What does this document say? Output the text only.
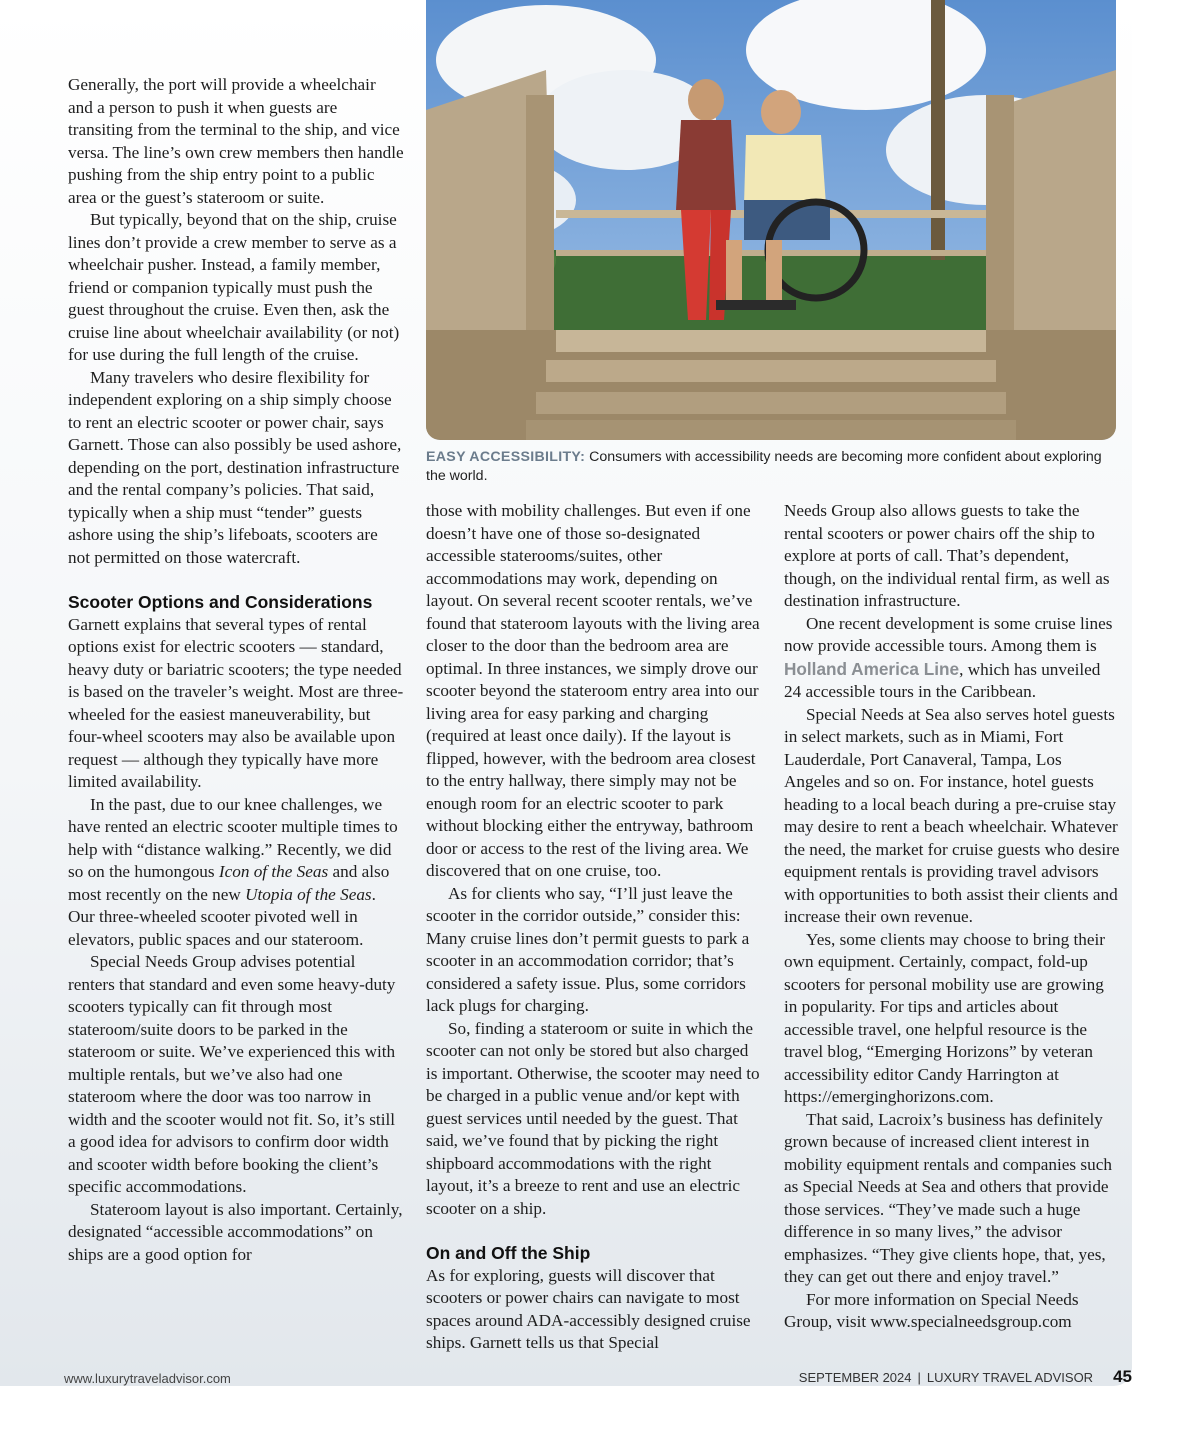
EASY ACCESSIBILITY: Consumers with accessibility needs are becoming more confident about exploring the world.

Generally, the port will provide a wheelchair and a person to push it when guests are transiting from the terminal to the ship, and vice versa. The line’s own crew members then handle pushing from the ship entry point to a public area or the guest’s stateroom or suite.

But typically, beyond that on the ship, cruise lines don’t provide a crew member to serve as a wheelchair pusher. Instead, a family member, friend or companion typically must push the guest throughout the cruise. Even then, ask the cruise line about wheelchair availability (or not) for use during the full length of the cruise.

Many travelers who desire flexibility for independent exploring on a ship simply choose to rent an electric scooter or power chair, says Garnett. Those can also possibly be used ashore, depending on the port, destination infrastructure and the rental company’s policies. That said, typically when a ship must “tender” guests ashore using the ship’s lifeboats, scooters are not permitted on those watercraft.

Scooter Options and Considerations

Garnett explains that several types of rental options exist for electric scooters — standard, heavy duty or bariatric scooters; the type needed is based on the traveler’s weight. Most are three-wheeled for the easiest maneuverability, but four-wheel scooters may also be available upon request — although they typically have more limited availability.

In the past, due to our knee challenges, we have rented an electric scooter multiple times to help with “distance walking.” Recently, we did so on the humongous Icon of the Seas and also most recently on the new Utopia of the Seas. Our three-wheeled scooter pivoted well in elevators, public spaces and our stateroom.

Special Needs Group advises potential renters that standard and even some heavy-duty scooters typically can fit through most stateroom/suite doors to be parked in the stateroom or suite. We’ve experienced this with multiple rentals, but we’ve also had one stateroom where the door was too narrow in width and the scooter would not fit. So, it’s still a good idea for advisors to confirm door width and scooter width before booking the client’s specific accommodations.

Stateroom layout is also important. Certainly, designated “accessible accommodations” on ships are a good option for

those with mobility challenges. But even if one doesn’t have one of those so-designated accessible staterooms/suites, other accommodations may work, depending on layout. On several recent scooter rentals, we’ve found that stateroom layouts with the living area closer to the door than the bedroom area are optimal. In three instances, we simply drove our scooter beyond the stateroom entry area into our living area for easy parking and charging (required at least once daily). If the layout is flipped, however, with the bedroom area closest to the entry hallway, there simply may not be enough room for an electric scooter to park without blocking either the entryway, bathroom door or access to the rest of the living area. We discovered that on one cruise, too.

As for clients who say, “I’ll just leave the scooter in the corridor outside,” consider this: Many cruise lines don’t permit guests to park a scooter in an accommodation corridor; that’s considered a safety issue. Plus, some corridors lack plugs for charging.

So, finding a stateroom or suite in which the scooter can not only be stored but also charged is important. Otherwise, the scooter may need to be charged in a public venue and/or kept with guest services until needed by the guest. That said, we’ve found that by picking the right shipboard accommodations with the right layout, it’s a breeze to rent and use an electric scooter on a ship.

On and Off the Ship

As for exploring, guests will discover that scooters or power chairs can navigate to most spaces around ADA-accessibly designed cruise ships. Garnett tells us that Special

Needs Group also allows guests to take the rental scooters or power chairs off the ship to explore at ports of call. That’s dependent, though, on the individual rental firm, as well as destination infrastructure.

One recent development is some cruise lines now provide accessible tours. Among them is Holland America Line, which has unveiled 24 accessible tours in the Caribbean.

Special Needs at Sea also serves hotel guests in select markets, such as in Miami, Fort Lauderdale, Port Canaveral, Tampa, Los Angeles and so on. For instance, hotel guests heading to a local beach during a pre-cruise stay may desire to rent a beach wheelchair. Whatever the need, the market for cruise guests who desire equipment rentals is providing travel advisors with opportunities to both assist their clients and increase their own revenue.

Yes, some clients may choose to bring their own equipment. Certainly, compact, fold-up scooters for personal mobility use are growing in popularity. For tips and articles about accessible travel, one helpful resource is the travel blog, “Emerging Horizons” by veteran accessibility editor Candy Harrington at https://emerginghorizons.com.

That said, Lacroix’s business has definitely grown because of increased client interest in mobility equipment rentals and companies such as Special Needs at Sea and others that provide those services. “They’ve made such a huge difference in so many lives,” the advisor emphasizes. “They give clients hope, that, yes, they can get out there and enjoy travel.”

For more information on Special Needs Group, visit www.specialneedsgroup.com

www.luxurytraveladvisor.com	SEPTEMBER 2024 | LUXURY TRAVEL ADVISOR 45
